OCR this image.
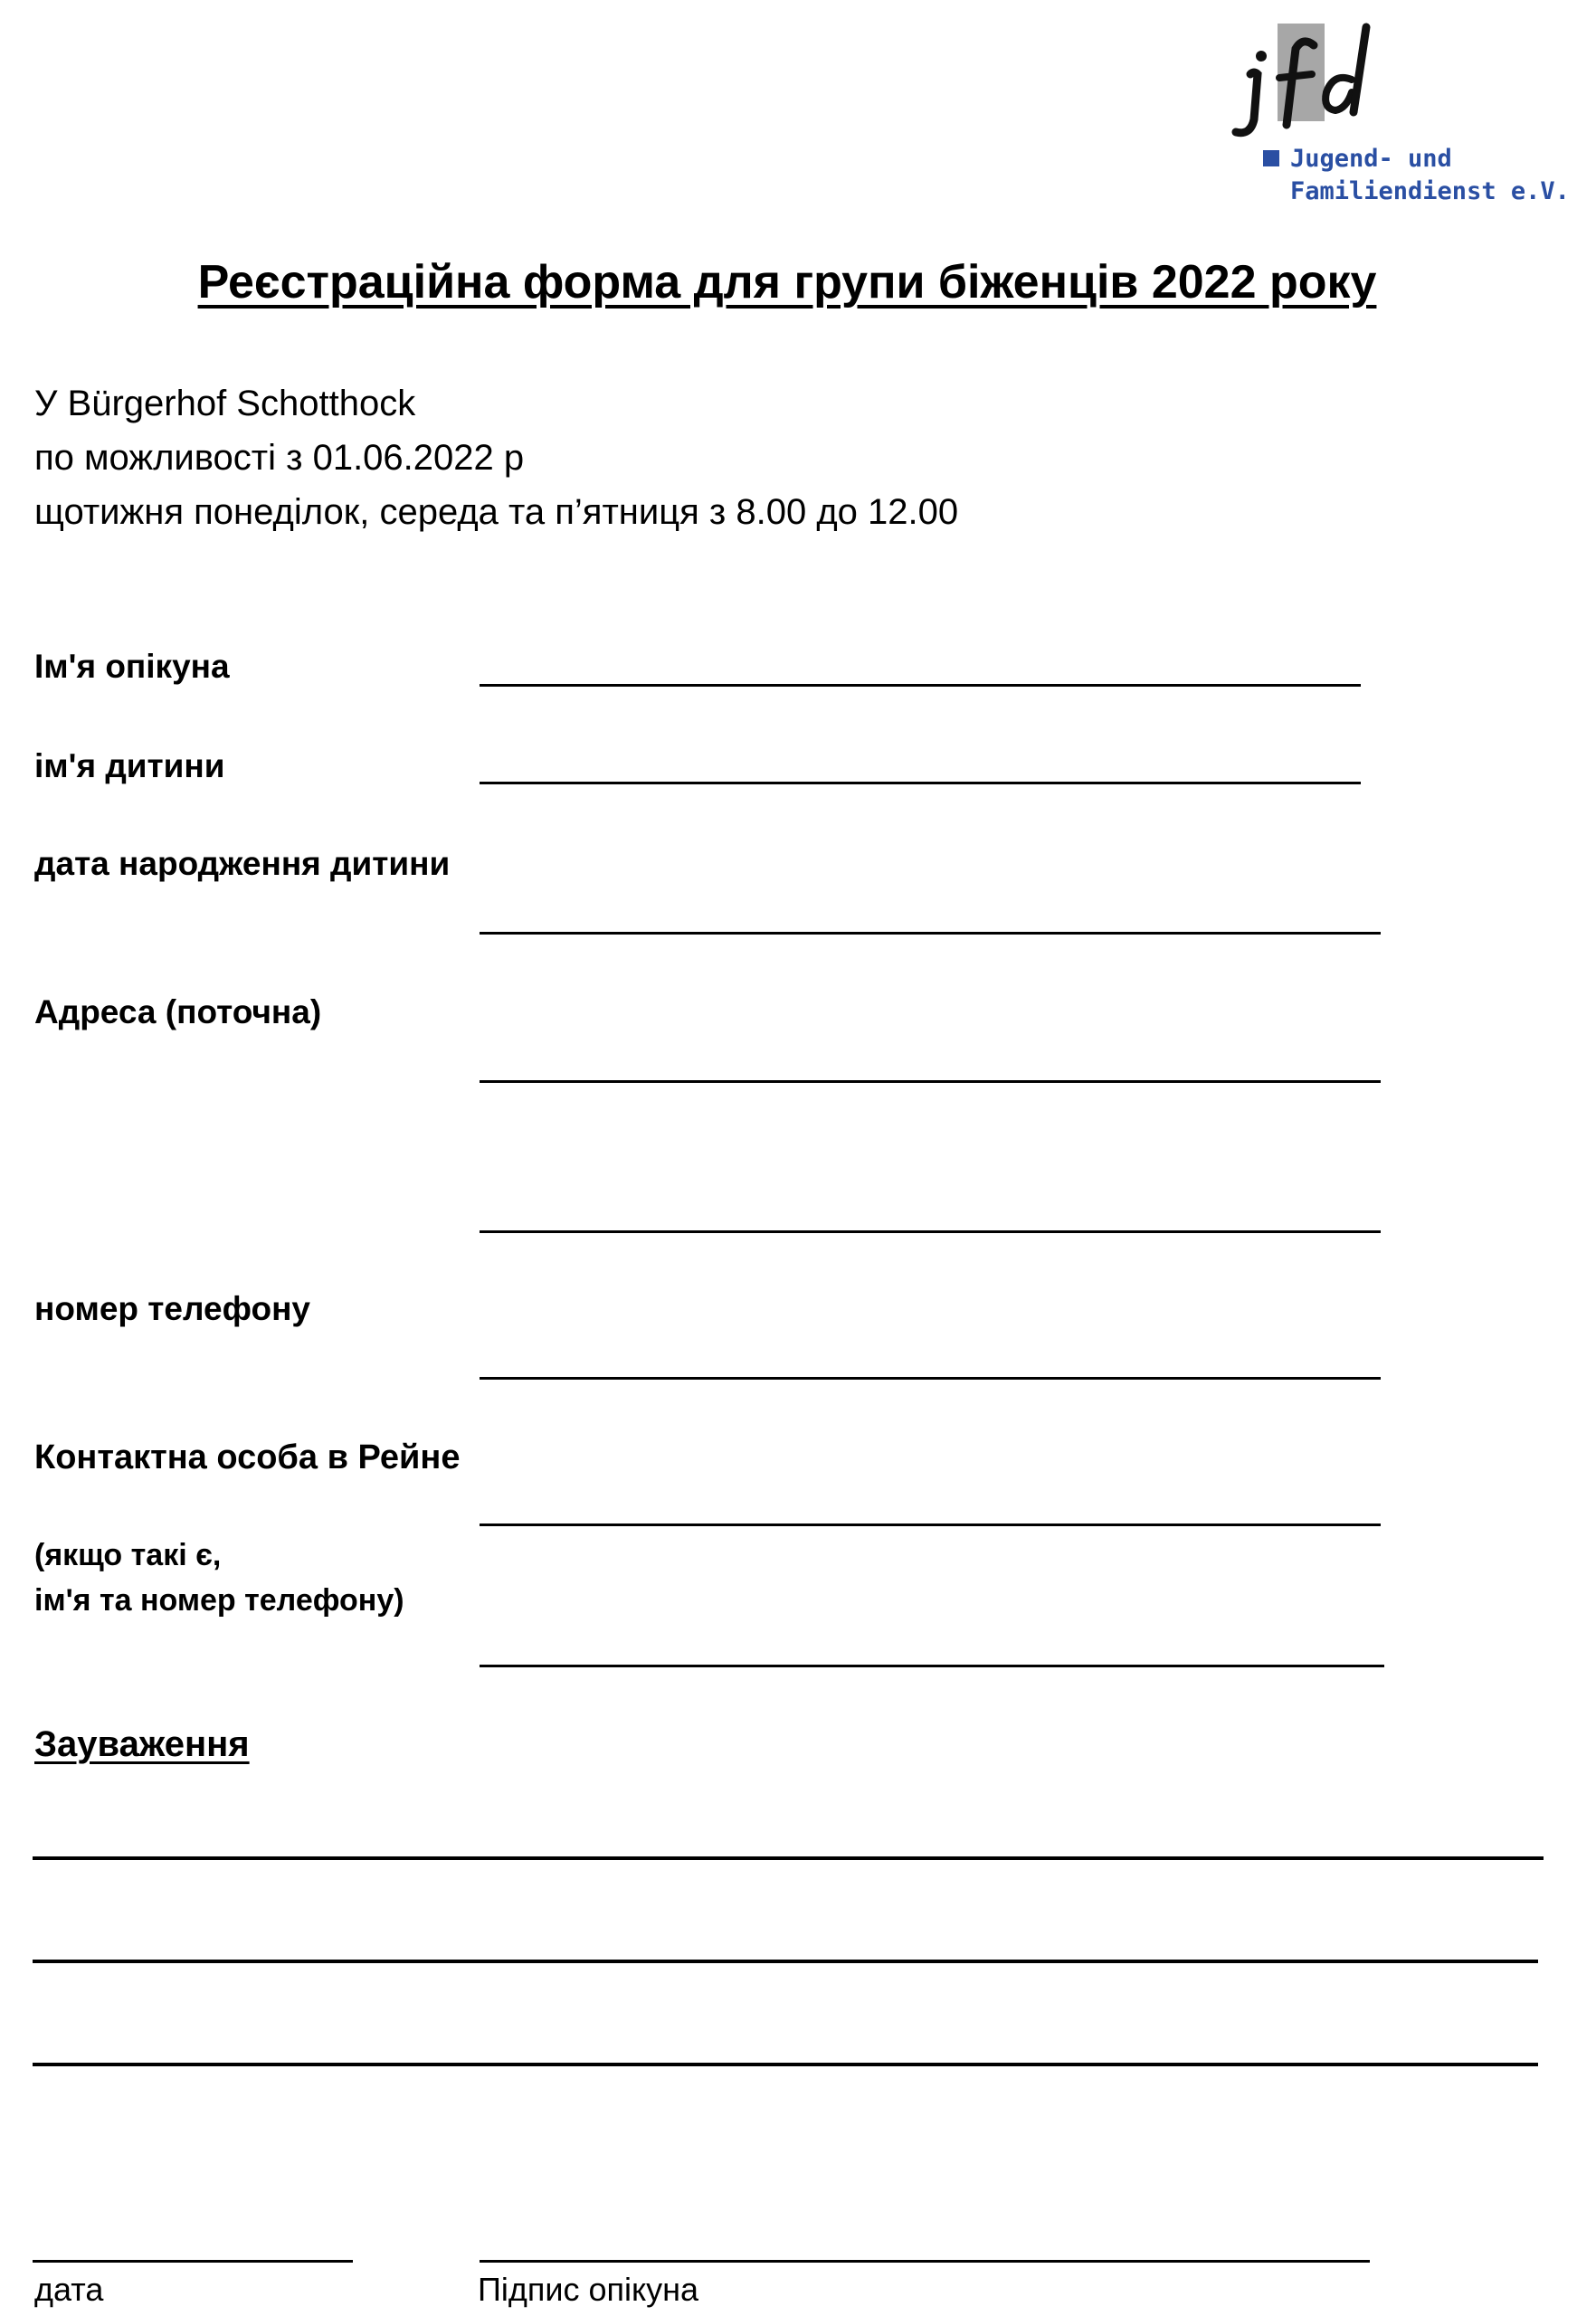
Jugend- und
Familiendienst e.V.
Реєстраційна форма для групи біженців 2022 року
У Bürgerhof Schotthock
по можливості з 01.06.2022 р
щотижня понеділок, середа та п’ятниця з 8.00 до 12.00
Ім'я опікуна
ім'я дитини
дата народження дитини
Адреса (поточна)
номер телефону
Контактна особа в Рейне
(якщо такі є,
ім'я та номер телефону)
Зауваження
дата	Підпис опікуна
